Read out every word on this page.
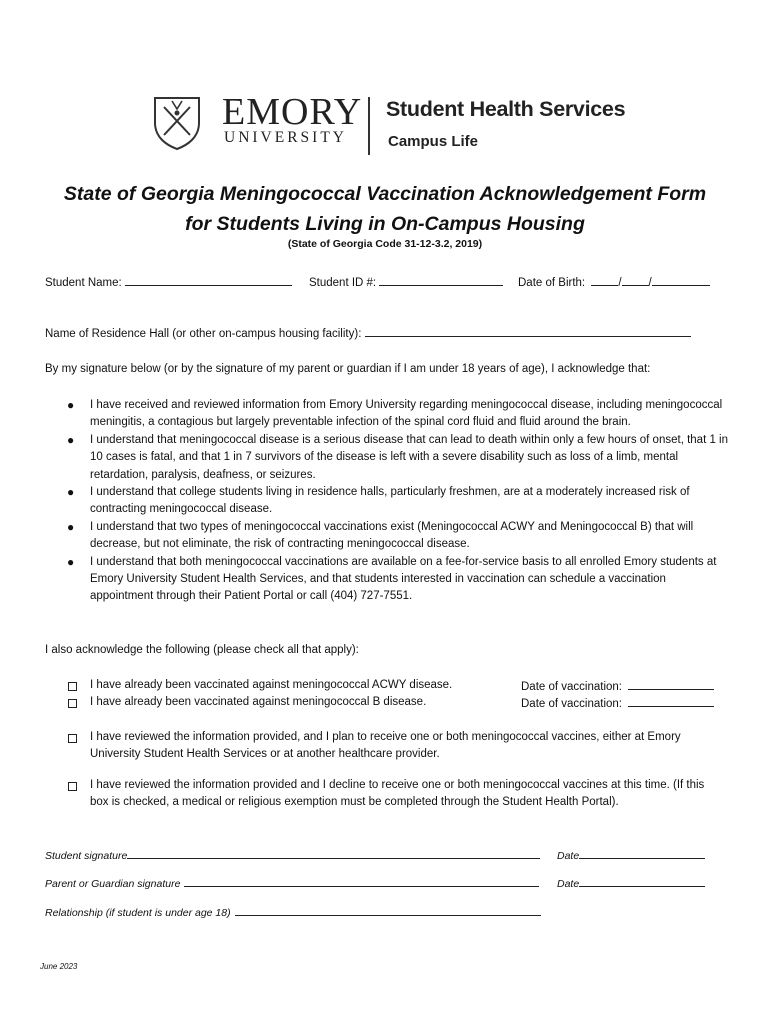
EMORY
UNIVERSITY
Student Health Services
Campus Life
State of Georgia Meningococcal Vaccination Acknowledgement Form
for Students Living in On-Campus Housing
(State of Georgia Code 31-12-3.2, 2019)
Student Name:	Student ID #:	Date of Birth:	/ /
Name of Residence Hall (or other on-campus housing facility):
By my signature below (or by the signature of my parent or guardian if I am under 18 years of age), I acknowledge that:
● I have received and reviewed information from Emory University regarding meningococcal disease, including meningococcal meningitis, a contagious but largely preventable infection of the spinal cord fluid and fluid around the brain.
● I understand that meningococcal disease is a serious disease that can lead to death within only a few hours of onset, that 1 in 10 cases is fatal, and that 1 in 7 survivors of the disease is left with a severe disability such as loss of a limb, mental retardation, paralysis, deafness, or seizures.
● I understand that college students living in residence halls, particularly freshmen, are at a moderately increased risk of contracting meningococcal disease.
● I understand that two types of meningococcal vaccinations exist (Meningococcal ACWY and Meningococcal B) that will decrease, but not eliminate, the risk of contracting meningococcal disease.
● I understand that both meningococcal vaccinations are available on a fee-for-service basis to all enrolled Emory students at Emory University Student Health Services, and that students interested in vaccination can schedule a vaccination appointment through their Patient Portal or call (404) 727-7551.
I also acknowledge the following (please check all that apply):
I have already been vaccinated against meningococcal ACWY disease.	Date of vaccination:
I have already been vaccinated against meningococcal B disease.	Date of vaccination:
I have reviewed the information provided, and I plan to receive one or both meningococcal vaccines, either at Emory University Student Health Services or at another healthcare provider.
I have reviewed the information provided and I decline to receive one or both meningococcal vaccines at this time. (If this box is checked, a medical or religious exemption must be completed through the Student Health Portal).
Student signature	Date
Parent or Guardian signature	Date
Relationship (if student is under age 18)
June 2023
